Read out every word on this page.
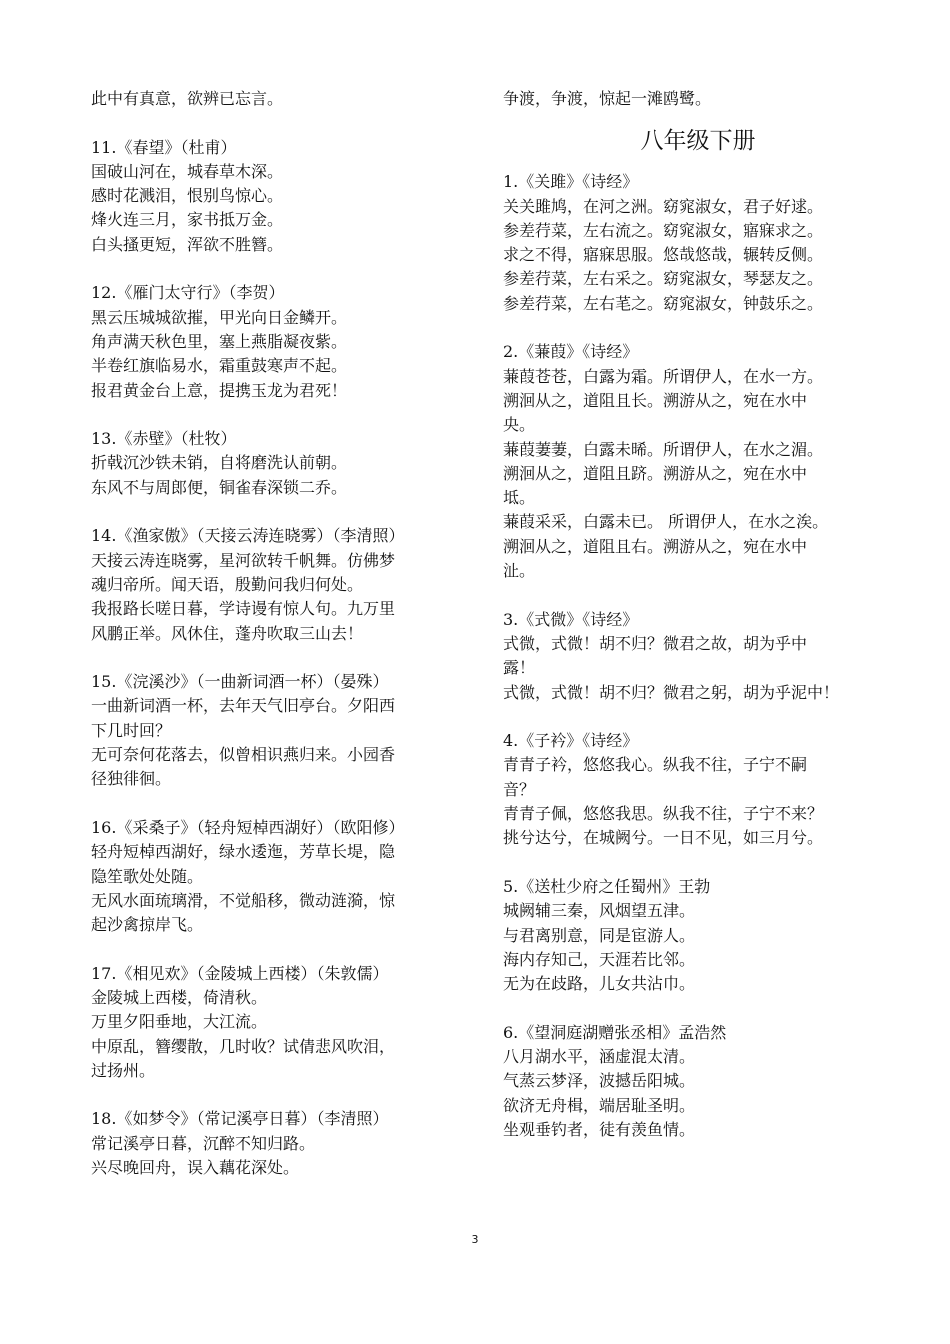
此中有真意，欲辨已忘言。
11.《春望》（杜甫）
国破山河在，城春草木深。
感时花溅泪，恨别鸟惊心。
烽火连三月，家书抵万金。
白头搔更短，浑欲不胜簪。
12.《雁门太守行》（李贺）
黑云压城城欲摧，甲光向日金鳞开。
角声满天秋色里，塞上燕脂凝夜紫。
半卷红旗临易水，霜重鼓寒声不起。
报君黄金台上意，提携玉龙为君死！
13.《赤壁》（杜牧）
折戟沉沙铁未销，自将磨洗认前朝。
东风不与周郎便，铜雀春深锁二乔。
14.《渔家傲》（天接云涛连晓雾）（李清照）
天接云涛连晓雾，星河欲转千帆舞。仿佛梦
魂归帝所。闻天语，殷勤问我归何处。
我报路长嗟日暮，学诗谩有惊人句。九万里
风鹏正举。风休住，蓬舟吹取三山去！
15.《浣溪沙》（一曲新词酒一杯）（晏殊）
一曲新词酒一杯，去年天气旧亭台。夕阳西
下几时回？
无可奈何花落去，似曾相识燕归来。小园香
径独徘徊。
16.《采桑子》（轻舟短棹西湖好）（欧阳修）
轻舟短棹西湖好，绿水逶迤，芳草长堤，隐
隐笙歌处处随。
无风水面琉璃滑，不觉船移，微动涟漪，惊
起沙禽掠岸飞。
17.《相见欢》（金陵城上西楼）（朱敦儒）
金陵城上西楼，倚清秋。
万里夕阳垂地，大江流。
中原乱，簪缨散，几时收？试倩悲风吹泪，
过扬州。
18.《如梦令》（常记溪亭日暮）（李清照）
常记溪亭日暮，沉醉不知归路。
兴尽晚回舟，误入藕花深处。
争渡，争渡，惊起一滩鸥鹭。
八年级下册
1.《关雎》《诗经》
关关雎鸠，在河之洲。窈窕淑女，君子好逑。
参差荇菜，左右流之。窈窕淑女，寤寐求之。
求之不得，寤寐思服。悠哉悠哉，辗转反侧。
参差荇菜，左右采之。窈窕淑女，琴瑟友之。
参差荇菜，左右芼之。窈窕淑女，钟鼓乐之。
2.《蒹葭》《诗经》
蒹葭苍苍，白露为霜。所谓伊人，在水一方。
溯洄从之，道阻且长。溯游从之，宛在水中
央。
蒹葭萋萋，白露未晞。所谓伊人，在水之湄。
溯洄从之，道阻且跻。溯游从之，宛在水中
坻。
蒹葭采采，白露未已。 所谓伊人，在水之涘。
溯洄从之，道阻且右。溯游从之，宛在水中
沚。
3.《式微》《诗经》
式微，式微！胡不归？微君之故，胡为乎中
露！
式微，式微！胡不归？微君之躬，胡为乎泥中！
4.《子衿》《诗经》
青青子衿，悠悠我心。纵我不往，子宁不嗣
音？
青青子佩，悠悠我思。纵我不往，子宁不来？
挑兮达兮，在城阙兮。一日不见，如三月兮。
5.《送杜少府之任蜀州》王勃
城阙辅三秦，风烟望五津。
与君离别意，同是宦游人。
海内存知己，天涯若比邻。
无为在歧路，儿女共沾巾。
6.《望洞庭湖赠张丞相》孟浩然
八月湖水平，涵虚混太清。
气蒸云梦泽，波撼岳阳城。
欲济无舟楫，端居耻圣明。
坐观垂钓者，徒有羡鱼情。
3
